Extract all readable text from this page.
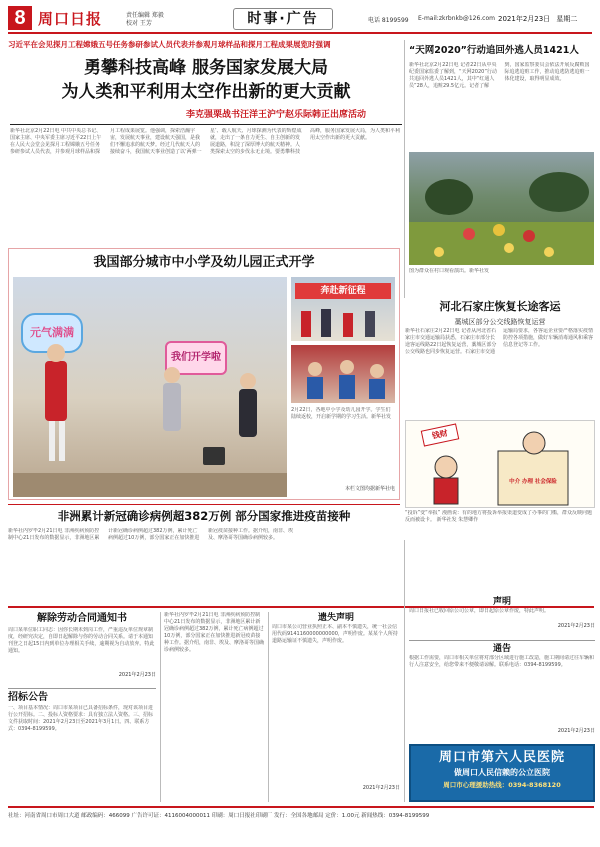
8 周口日报	责任编辑 郑毅
校对 王芳	时事·广告	电话 8199599 E-mail:zkrbnkb@126.com 2021年2月23日 星期二
习近平在会见探月工程嫦娥五号任务参研参试人员代表并参观月球样品和探月工程成果展览时强调
勇攀科技高峰 服务国家发展大局
为人类和平利用太空作出新的更大贡献
李克强栗战书汪洋王沪宁赵乐际韩正出席活动
新华社北京2月22日电 中共中央总书记、国家主席、中央军委主席习近平22日上午在人民大会堂会见探月工程嫦娥五号任务参研参试人员代表，并参观月球样品和探月工程成果展览。他强调，探索浩瀚宇宙，发展航天事业，建设航天强国，是我们不懈追求的航天梦。经过几代航天人的接续奋斗，我国航天事业创造了以‘两弹一星’、载人航天、月球探测为代表的辉煌成就，走出了一条自力更生、自主创新的发展道路，积淀了深厚博大的航天精神。人类探索太空的步伐永无止境。要勇攀科技高峰，服务国家发展大局，为人类和平利用太空作出新的更大贡献。
“天网2020”行动追回外逃人员1421人
新华社北京2月22日电 记者22日从中央纪委国家监委了解到，“天网2020”行动共追回外逃人员1421人，其中“红通人员”28人，追赃29.5亿元。记者了解到，国家监察委员会依法开展反腐败国际追逃追赃工作，推动追逃防逃追赃一体化建设，取得明显成效。
图为群众在村口观看演出。新华社发
我国部分城市中小学及幼儿园正式开学
元气满满
我们开学啦
奔赴新征程
2月22日，各地中小学及幼儿园开学。学生们陆续返校，开启新学期的学习生活。新华社发
本栏文图均据新华社电
河北石家庄恢复长途客运
藁城区部分公交线路恢复运营
新华社石家庄2月22日电 记者从河北省石家庄市交通运输局获悉，石家庄市部分长途客运线路22日起恢复运营，藁城区部分公交线路也同步恢复运营。石家庄市交通运输局要求，各客运企业要严格落实疫情防控各项措施，做好车辆消毒通风和乘客信息登记等工作。
钱财
中介 办理 社会保险
“投诉”变“举报” 漫画说：有的地方将投诉举报渠道变成了办事的门槛，群众反映问题反而被设卡。 新华社发 朱慧卿作
非洲累计新冠确诊病例超382万例 部分国家推进疫苗接种
新华社内罗毕2月21日电 非洲疾病预防控制中心21日发布的数据显示，非洲地区累计新冠确诊病例超过382万例，累计死亡病例超过10万例，部分国家正在加快推进新冠疫苗接种工作。据介绍，南非、埃及、摩洛哥等国确诊病例较多。
解除劳动合同通知书
周口某单位职工同志：因你长期未到岗工作，严重违反单位规章制度，经研究决定，自即日起解除与你的劳动合同关系。请于本通知刊登之日起15日内到单位办理相关手续，逾期视为自动放弃。特此通知。
2021年2月23日
招标公告
一、项目基本情况：周口市某项目已具备招标条件，现对该项目进行公开招标。二、投标人资格要求：具有独立法人资格。三、招标文件获取时间：2021年2月23日至2021年3月1日。四、联系方式：0394-8199599。
新华社内罗毕2月21日电 非洲疾病预防控制中心21日发布的数据显示，非洲地区累计新冠确诊病例超过382万例，累计死亡病例超过10万例，部分国家正在加快推进新冠疫苗接种工作。据介绍，南非、埃及、摩洛哥等国确诊病例较多。
遗失声明
周口市某公司营业执照正本、副本不慎遗失，统一社会信用代码9141160000000000，声明作废。某某个人所持道路运输证不慎遗失，声明作废。
2021年2月23日
声明
周口日报社已收回原公司公章，即日起原公章作废，特此声明。
2021年2月23日
通告
根据工作需要，周口市相关单位将对部分区域进行施工改造，施工期间请过往车辆和行人注意安全，给您带来不便敬请谅解。联系电话：0394-8199599。
2021年2月23日
周口市第六人民医院
做周口人民信赖的公立医院
周口市心理援助热线：0394-8368120
社址：河南省周口市周口大道 邮政编码：466099 广告许可证：4116004000011 印刷：周口日报社印刷厂 发行：全国各地邮局 定价：1.00元 新闻热线：0394-8199599
